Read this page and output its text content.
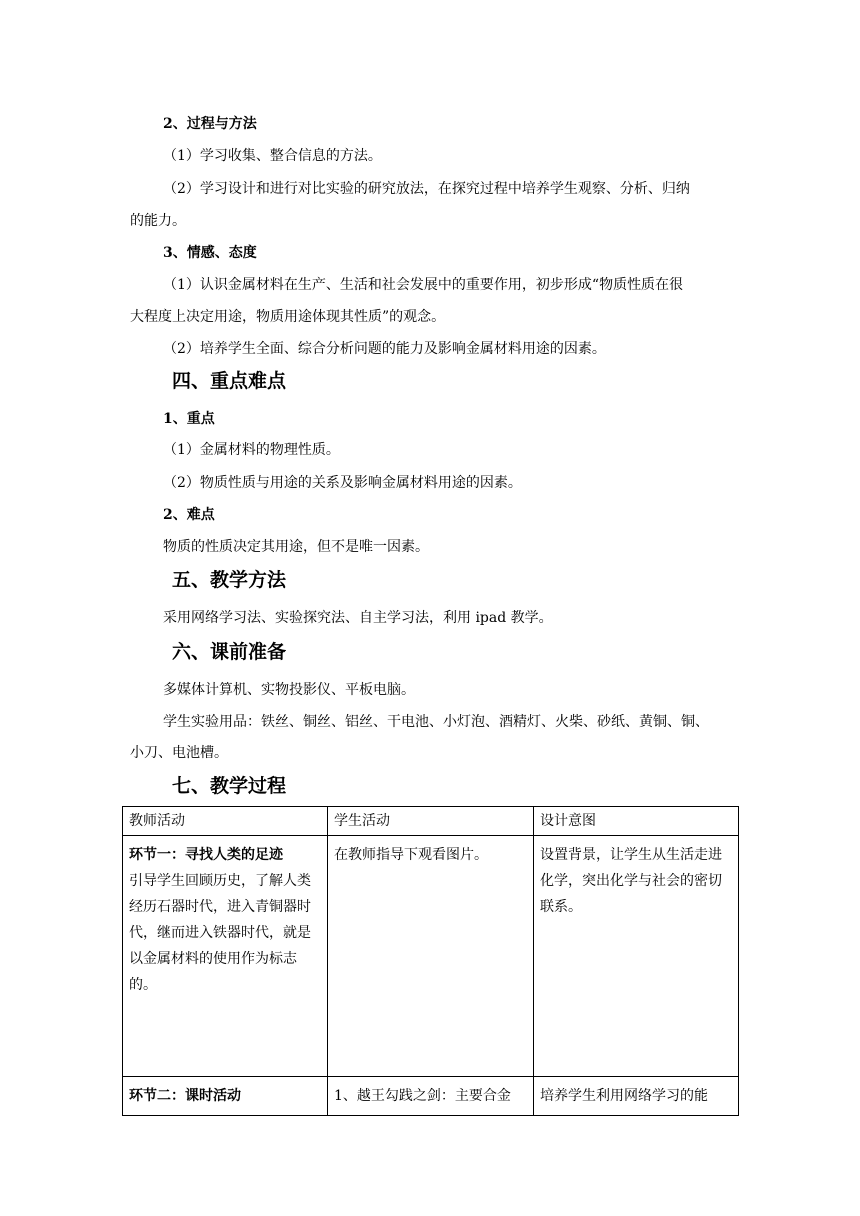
2、过程与方法
（1）学习收集、整合信息的方法。
（2）学习设计和进行对比实验的研究放法，在探究过程中培养学生观察、分析、归纳
的能力。
3、情感、态度
（1）认识金属材料在生产、生活和社会发展中的重要作用，初步形成“物质性质在很
大程度上决定用途，物质用途体现其性质”的观念。
（2）培养学生全面、综合分析问题的能力及影响金属材料用途的因素。
四、重点难点
1、重点
（1）金属材料的物理性质。
（2）物质性质与用途的关系及影响金属材料用途的因素。
2、难点
物质的性质决定其用途，但不是唯一因素。
五、教学方法
采用网络学习法、实验探究法、自主学习法，利用 ipad 教学。
六、课前准备
多媒体计算机、实物投影仪、平板电脑。
学生实验用品：铁丝、铜丝、铝丝、干电池、小灯泡、酒精灯、火柴、砂纸、黄铜、铜、
小刀、电池槽。
七、教学过程
教师活动	学生活动	设计意图

环节一：寻找人类的足迹
引导学生回顾历史，了解人类经历石器时代，进入青铜器时代，继而进入铁器时代，就是以金属材料的使用作为标志的。	在教师指导下观看图片。	设置背景，让学生从生活走进化学，突出化学与社会的密切联系。

环节二：课时活动	1、越王勾践之剑：主要合金	培养学生利用网络学习的能
